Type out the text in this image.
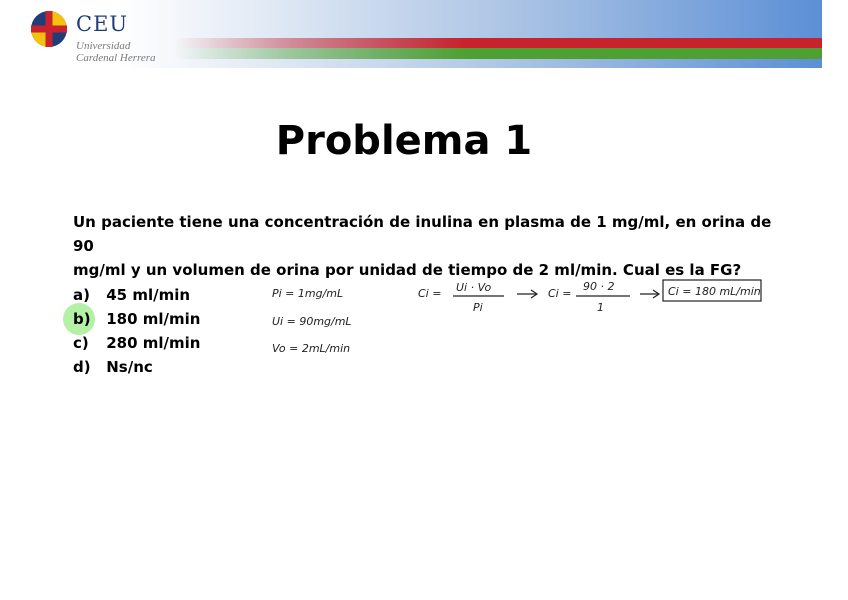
CEU
Universidad
Cardenal Herrera
Problema 1
Un paciente tiene una concentración de inulina en plasma de 1 mg/ml, en orina de 90
mg/ml y un volumen de orina por unidad de tiempo de 2 ml/min. Cual es la FG?
a) 45 ml/min
b) 180 ml/min
c) 280 ml/min
d) Ns/nc
Pi = 1mg/mL
Ui = 90mg/mL
Vo = 2mL/min
Ci = Ui · Vo
Pi
Ci =
90 · 2
1
Ci = 180 mL/min
